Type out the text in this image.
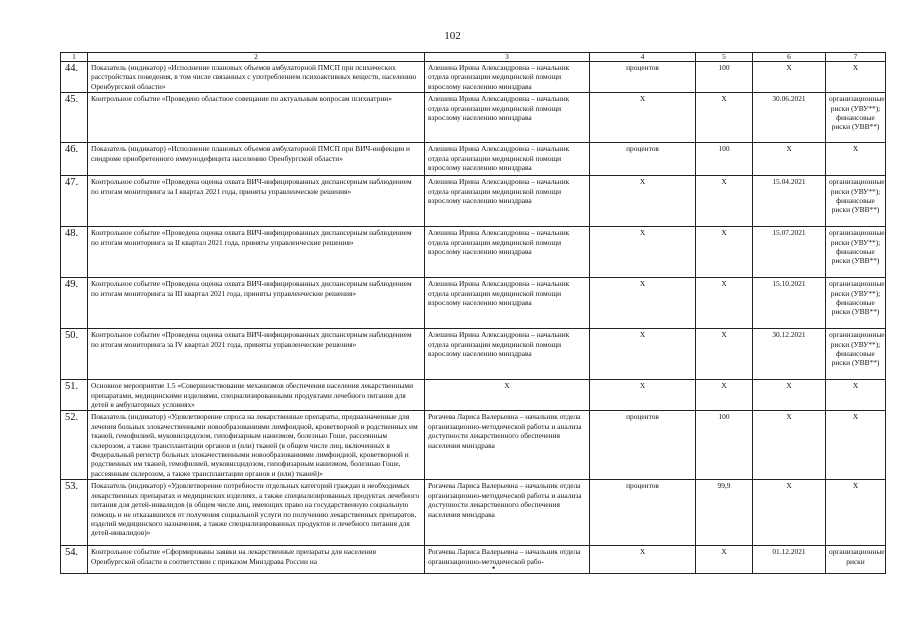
102
1	2	3	4	5	6	7
44.	Показатель (индикатор) «Исполнение плановых объемов амбулаторной ПМСП при психических расстройствах поведения, в том числе связанных с употреблением психоактивных веществ, населению Оренбургской области»	Алешина Ирина Александровна – начальник отдела организации медицинской помощи взрослому населению минздрава	процентов	100	X	X
45.	Контрольное событие «Проведено областное совещание по актуальным вопросам психиатрии»	Алешина Ирина Александровна – начальник отдела организации медицинской помощи взрослому населению минздрава	X	X	30.06.2021	организационные риски (УВУ**); финансовые риски (УВВ**)
46.	Показатель (индикатор) «Исполнение плановых объемов амбулаторной ПМСП при ВИЧ-инфекции и синдроме приобретенного иммунодефицита населению Оренбургской области»	Алешина Ирина Александровна – начальник отдела организации медицинской помощи взрослому населению минздрава	процентов	100	X	X
47.	Контрольное событие «Проведена оценка охвата ВИЧ-инфицированных диспансерным наблюдением по итогам мониторинга за I квартал 2021 года, приняты управленческие решения»	Алешина Ирина Александровна – начальник отдела организации медицинской помощи взрослому населению минздрава	X	X	15.04.2021	организационные риски (УВУ**); финансовые риски (УВВ**)
48.	Контрольное событие «Проведена оценка охвата ВИЧ-инфицированных диспансерным наблюдением по итогам мониторинга за II квартал 2021 года, приняты управленческие решения»	Алешина Ирина Александровна – начальник отдела организации медицинской помощи взрослому населению минздрава	X	X	15.07.2021	организационные риски (УВУ**); финансовые риски (УВВ**)
49.	Контрольное событие «Проведена оценка охвата ВИЧ-инфицированных диспансерным наблюдением по итогам мониторинга за III квартал 2021 года, приняты управленческие решения»	Алешина Ирина Александровна – начальник отдела организации медицинской помощи взрослому населению минздрава	X	X	15.10.2021	организационные риски (УВУ**); финансовые риски (УВВ**)
50.	Контрольное событие «Проведена оценка охвата ВИЧ-инфицированных диспансерным наблюдением по итогам мониторинга за IV квартал 2021 года, приняты управленческие решения»	Алешина Ирина Александровна – начальник отдела организации медицинской помощи взрослому населению минздрава	X	X	30.12.2021	организационные риски (УВУ**); финансовые риски (УВВ**)
51.	Основное мероприятие 1.5 «Совершенствование механизмов обеспечения населения лекарственными препаратами, медицинскими изделиями, специализированными продуктами лечебного питания для детей в амбулаторных условиях»	X	X	X	X	X
52.	Показатель (индикатор) «Удовлетворение спроса на лекарственные препараты, предназначенные для лечения больных злокачественными новообразованиями лимфоидной, кроветворной и родственных им тканей, гемофилией, муковисцидозом, гипофизарным нанизмом, болезнью Гоше, рассеянным склерозом, а также трансплантации органов и (или) тканей (в общем числе лиц, включенных в Федеральный регистр больных злокачественными новообразованиями лимфоидной, кроветворной и родственных им тканей, гемофилией, муковисцидозом, гипофизарным нанизмом, болезнью Гоше, рассеянным склерозом, а также трансплантации органов и (или) тканей)»	Рогачева Лариса Валерьевна – начальник отдела организационно-методической работы и анализа доступности лекарственного обеспечения населения минздрава	процентов	100	X	X
53.	Показатель (индикатор) «Удовлетворение потребности отдельных категорий граждан в необходимых лекарственных препаратах и медицинских изделиях, а также специализированных продуктах лечебного питания для детей-инвалидов (в общем числе лиц, имеющих право на государственную социальную помощь и не отказавшихся от получения социальной услуги по получению лекарственных препаратов, изделий медицинского назначения, а также специализированных продуктов и лечебного питания для детей-инвалидов)»	Рогачева Лариса Валерьевна – начальник отдела организационно-методической работы и анализа доступности лекарственного обеспечения населения минздрава	процентов	99,9	X	X
54.	Контрольное событие «Сформированы заявки на лекарственные препараты для населения Оренбургской области в соответствии с приказом Минздрава России на	Рогачева Лариса Валерьевна – начальник отдела организационно-методической рабо-	X	X	01.12.2021	организационные риски
•
